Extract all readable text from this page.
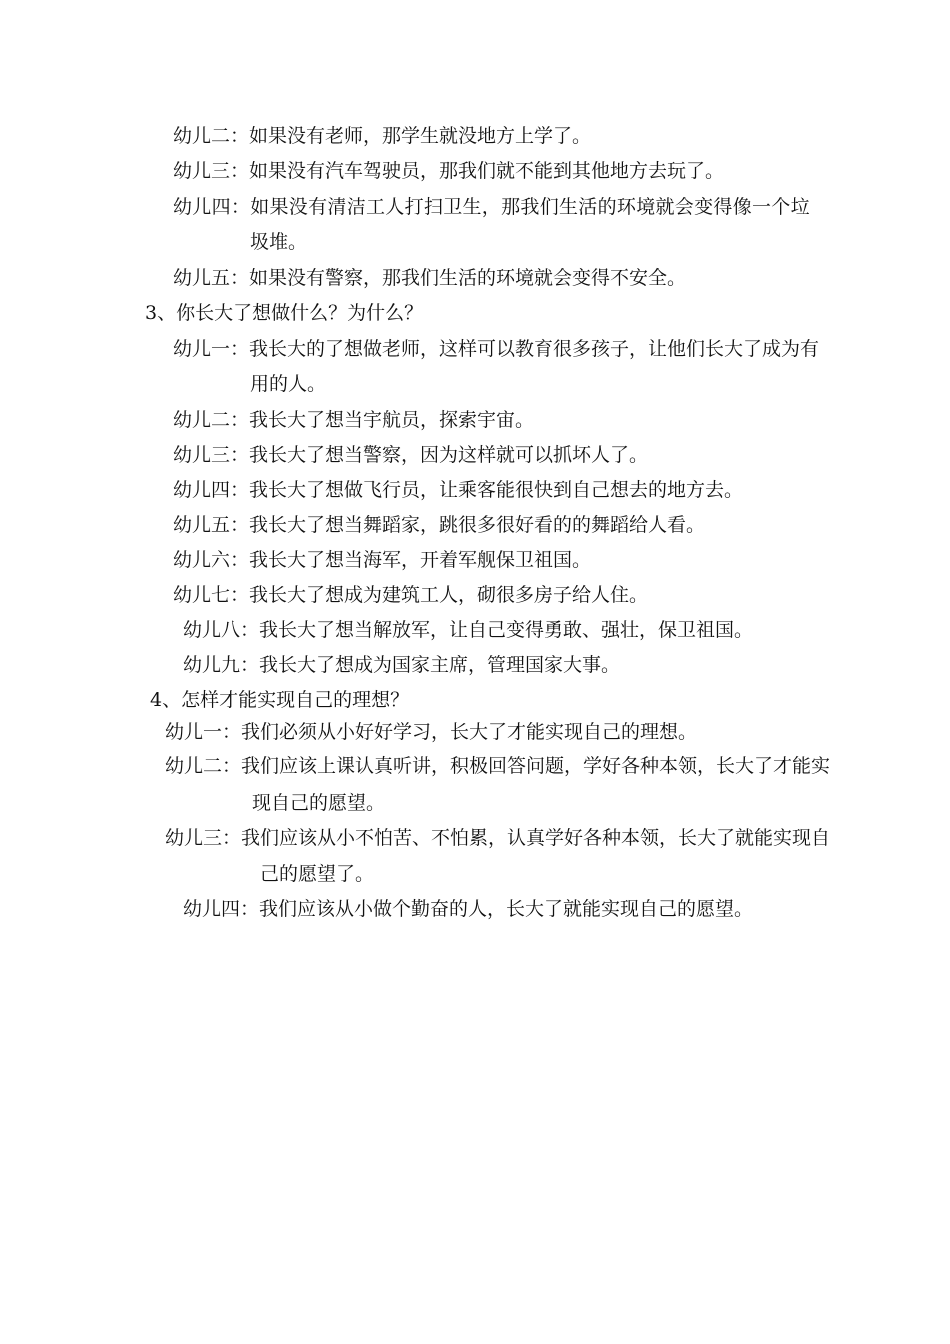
幼儿二：如果没有老师，那学生就没地方上学了。
幼儿三：如果没有汽车驾驶员，那我们就不能到其他地方去玩了。
幼儿四：如果没有清洁工人打扫卫生，那我们生活的环境就会变得像一个垃
圾堆。
幼儿五：如果没有警察，那我们生活的环境就会变得不安全。
3、你长大了想做什么？为什么？
幼儿一：我长大的了想做老师，这样可以教育很多孩子，让他们长大了成为有
用的人。
幼儿二：我长大了想当宇航员，探索宇宙。
幼儿三：我长大了想当警察，因为这样就可以抓坏人了。
幼儿四：我长大了想做飞行员，让乘客能很快到自己想去的地方去。
幼儿五：我长大了想当舞蹈家，跳很多很好看的的舞蹈给人看。
幼儿六：我长大了想当海军，开着军舰保卫祖国。
幼儿七：我长大了想成为建筑工人，砌很多房子给人住。
幼儿八：我长大了想当解放军，让自己变得勇敢、强壮，保卫祖国。
幼儿九：我长大了想成为国家主席，管理国家大事。
4、怎样才能实现自己的理想？
幼儿一：我们必须从小好好学习，长大了才能实现自己的理想。
幼儿二：我们应该上课认真听讲，积极回答问题，学好各种本领，长大了才能实
现自己的愿望。
幼儿三：我们应该从小不怕苦、不怕累，认真学好各种本领，长大了就能实现自
己的愿望了。
幼儿四：我们应该从小做个勤奋的人，长大了就能实现自己的愿望。
